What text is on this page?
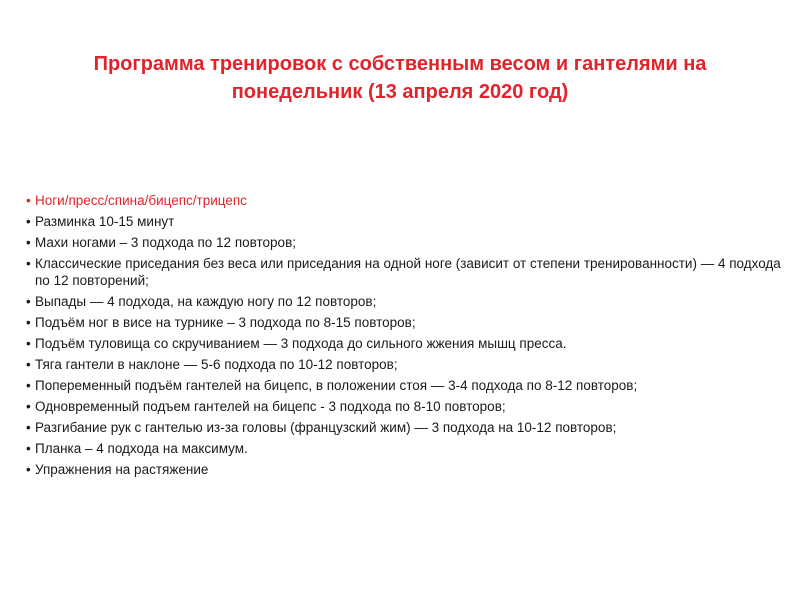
Программа тренировок с собственным весом и гантелями на
понедельник (13 апреля 2020 год)
• Ноги/пресс/спина/бицепс/трицепс
• Разминка 10-15 минут
• Махи ногами – 3 подхода по 12 повторов;
• Классические приседания без веса или приседания на одной ноге (зависит от степени тренированности) — 4 подхода по 12 повторений;
• Выпады — 4 подхода, на каждую ногу по 12 повторов;
• Подъём ног в висе на турнике – 3 подхода по 8-15 повторов;
• Подъём туловища со скручиванием — 3 подхода до сильного жжения мышц пресса.
• Тяга гантели в наклоне — 5-6 подхода по 10-12 повторов;
• Попеременный подъём гантелей на бицепс, в положении стоя — 3-4 подхода по 8-12 повторов;
• Одновременный подъем гантелей на бицепс - 3 подхода по 8-10 повторов;
• Разгибание рук с гантелью из-за головы (французский жим) — 3 подхода на 10-12 повторов;
• Планка – 4 подхода на максимум.
• Упражнения на растяжение
